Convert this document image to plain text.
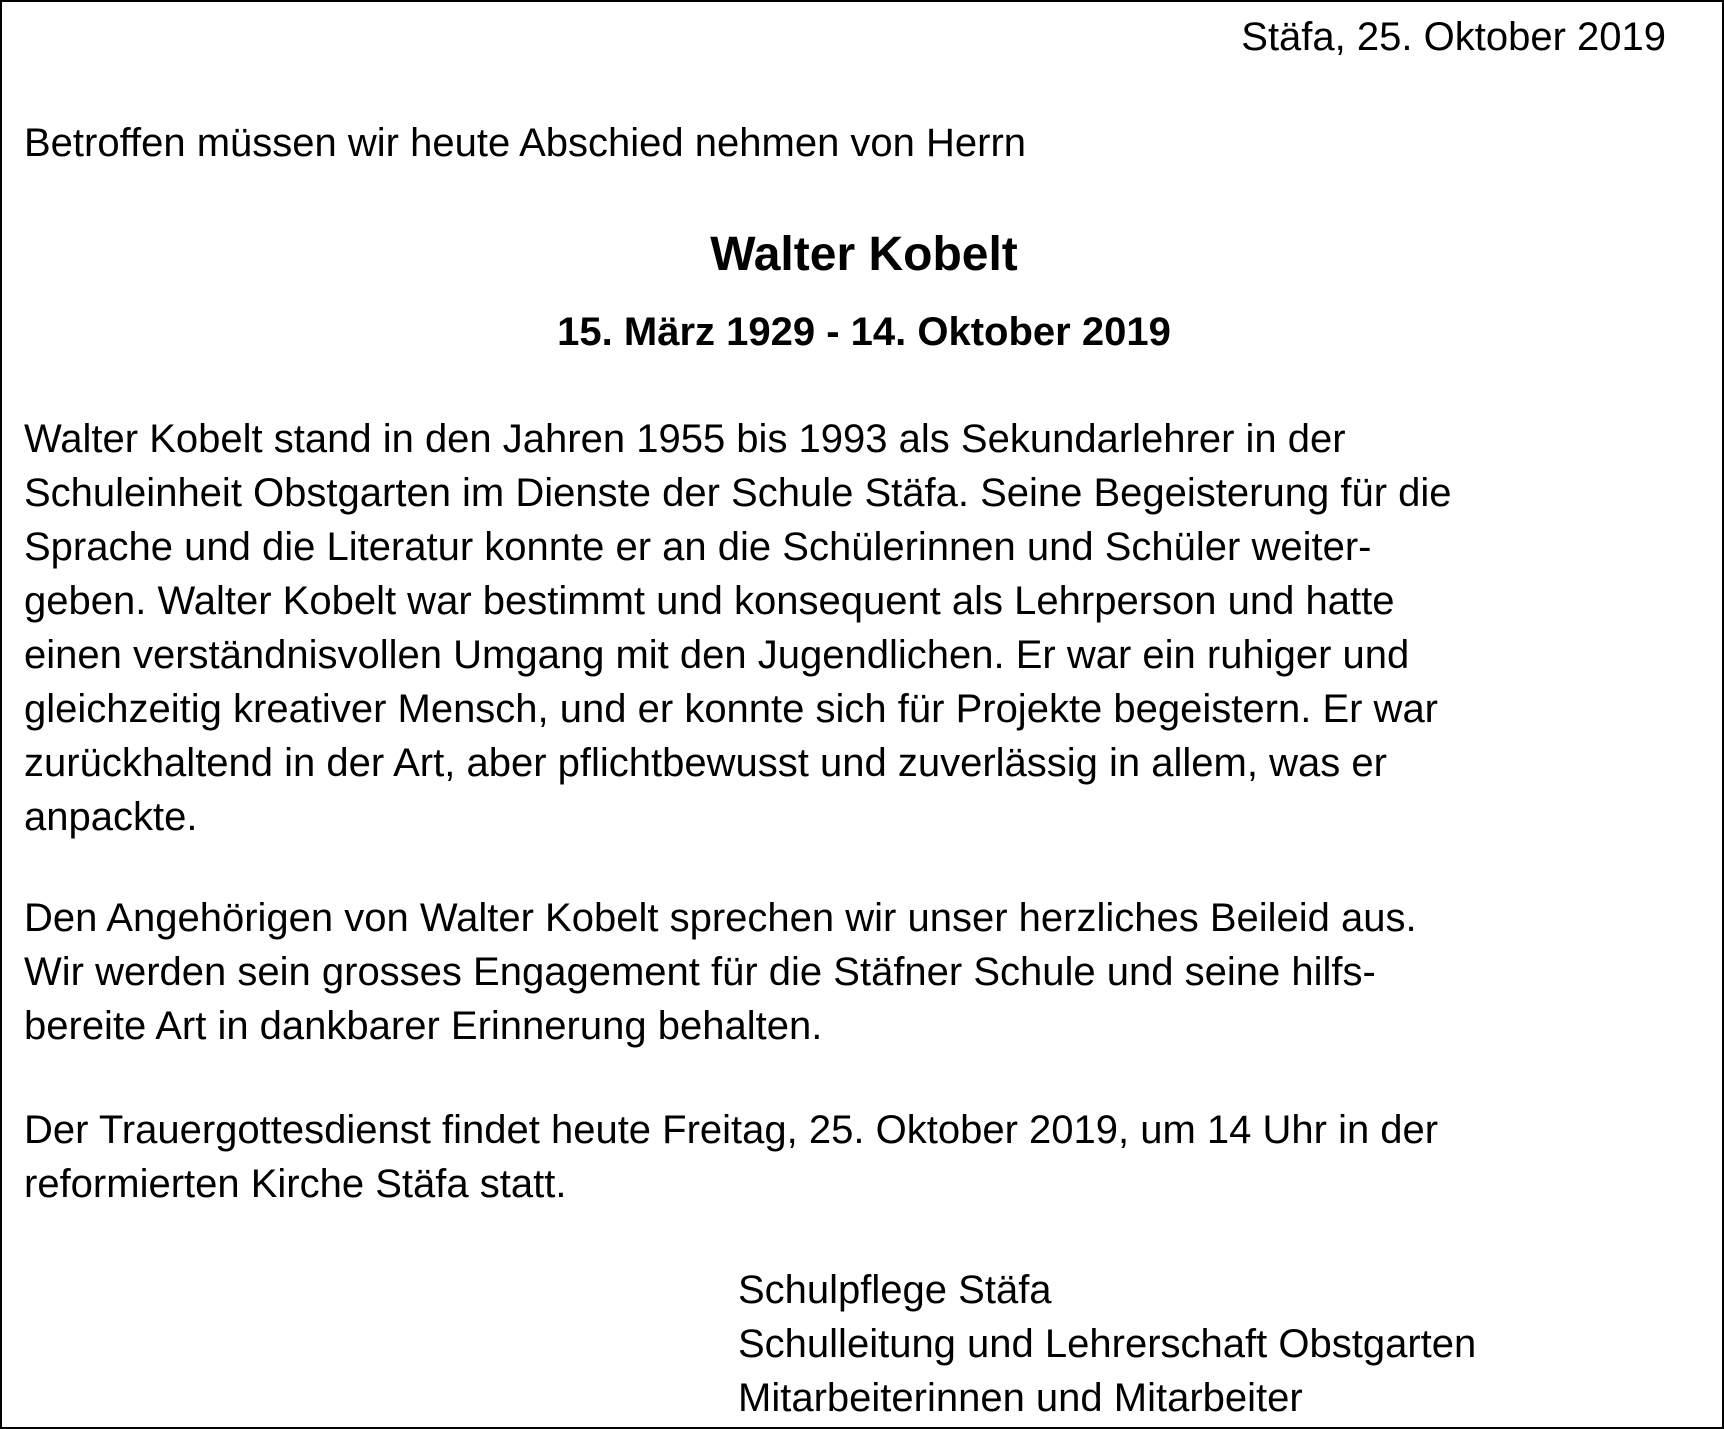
Stäfa, 25. Oktober 2019

Betroffen müssen wir heute Abschied nehmen von Herrn

Walter Kobelt

15. März 1929 - 14. Oktober 2019

Walter Kobelt stand in den Jahren 1955 bis 1993 als Sekundarlehrer in der
Schuleinheit Obstgarten im Dienste der Schule Stäfa. Seine Begeisterung für die
Sprache und die Literatur konnte er an die Schülerinnen und Schüler weiter-
geben. Walter Kobelt war bestimmt und konsequent als Lehrperson und hatte
einen verständnisvollen Umgang mit den Jugendlichen. Er war ein ruhiger und
gleichzeitig kreativer Mensch, und er konnte sich für Projekte begeistern. Er war
zurückhaltend in der Art, aber pflichtbewusst und zuverlässig in allem, was er
anpackte.
Den Angehörigen von Walter Kobelt sprechen wir unser herzliches Beileid aus.
Wir werden sein grosses Engagement für die Stäfner Schule und seine hilfs-
bereite Art in dankbarer Erinnerung behalten.
Der Trauergottesdienst findet heute Freitag, 25. Oktober 2019, um 14 Uhr in der
reformierten Kirche Stäfa statt.
Schulpflege Stäfa
Schulleitung und Lehrerschaft Obstgarten
Mitarbeiterinnen und Mitarbeiter
